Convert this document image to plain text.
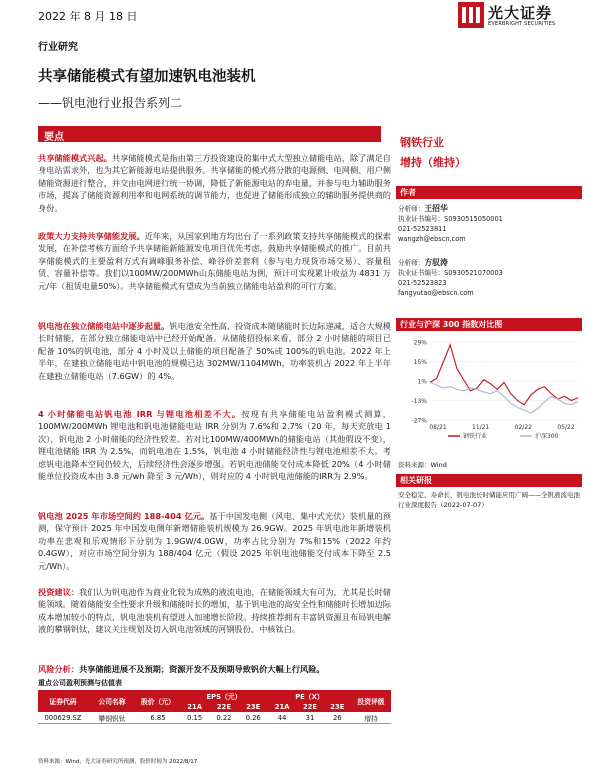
2022 年 8 月 18 日	光大证券
EVERBRIGHT SECURITIES
行业研究
共享储能模式有望加速钒电池装机
——钒电池行业报告系列二
要点
共享储能模式兴起。共享储能模式是指由第三方投资建设的集中式大型独立储能电站，除了满足自身电站需求外，也为其它新能源电站提供服务。共享储能的模式将分散的电源侧、电网侧、用户侧储能资源进行整合，并交由电网进行统一协调，降低了新能源电站的弃电量，并参与电力辅助服务市场，提高了储能资源利用率和电网系统的调节能力，也促进了储能形成独立的辅助服务提供商的身份。
政策大力支持共享储能发展。近年来，从国家到地方均出台了一系列政策支持共享储能模式的探索发展，在补偿考核方面给予共享储能新能源发电项目优先考虑，鼓励共享储能模式的推广。目前共享储能模式的主要盈利方式有调峰服务补偿、峰谷价差套利（参与电力现货市场交易）、容量租赁、容量补偿等。我们以100MW/200MWh山东储能电站为例，预计可实现累计收益为 4831 万元/年（租赁电量50%）。共享储能模式有望成为当前独立储能电站盈利的可行方案。
钒电池在独立储能电站中逐步起量。钒电池安全性高、投资成本随储能时长边际递减，适合大规模长时储能，在部分独立储能电站中已经开始配备。从储能招投标来看，部分 2 小时储能的项目已配备 10%的钒电池，部分 4 小时及以上储能的项目配备了 50%或 100%的钒电池。2022 年上半年，在建独立储能电站中钒电池的规模已达 302MW/1104MWh，功率装机占 2022 年上半年在建独立储能电站（7.6GW）的 4%。
4 小时储能电站钒电池 IRR 与锂电池相差不大。按现有共享储能电站盈利模式测算，100MW/200MWh 锂电池和钒电池储能电站 IRR 分别为 7.6%和 2.7%（20 年，每天充放电 1 次），钒电池 2 小时储能的经济性较差。若对比100MW/400MWh的储能电站（其他假设不变），锂电池储能 IRR 为 2.5%，而钒电池在 1.5%，钒电池 4 小时储能经济性与锂电池相差不大。考虑钒电池降本空间仍较大，后续经济性会逐步增强。若钒电池储能交付成本降低 20%（4 小时储能单位投资成本由 3.8 元/wh 降至 3 元/Wh），则对应的 4 小时钒电池储能的IRR为 2.9%。
钒电池 2025 年市场空间约 188-404 亿元。基于中国发电侧（风电、集中式光伏）装机量的预测，保守预计 2025 年中国发电侧年新增储能装机规模为 26.9GW。2025 年钒电池年新增装机功率在悲观和乐观情形下分别为 1.9GW/4.0GW，功率占比分别为 7%和15%（2022 年约 0.4GW），对应市场空间分别为 188/404 亿元（假设 2025 年钒电池储能交付成本下降至 2.5 元/Wh）。
投资建议：我们认为钒电池作为商业化较为成熟的液流电池，在储能领域大有可为，尤其是长时储能领域。随着储能安全性要求升级和储能时长的增加，基于钒电池的高安全性和储能时长增加边际成本增加较小的特点，钒电池装机有望进入加速增长阶段。持续推荐拥有丰富钒资源且布局钒电解液的攀钢钒钛，建议关注规划及切入钒电池领域的河钢股份、中核钛白。
风险分析：共享储能进展不及预期；资源开发不及预期导致钒价大幅上行风险。
重点公司盈利预测与估值表
证券代码	公司名称	股价（元）	EPS（元）			PE（X）			投资评级
			21A	22E	23E	21A	22E	23E	
000629.SZ	攀钢钒钛	6.85	0.15	0.22	0.26	44	31	26	增持
资料来源：Wind，光大证券研究所预测，股价时间为 2022/8/17
钢铁行业
增持（维持）
作者
分析师：王招华
执业证书编号：S0930515050001
021-52523811
wangzh@ebscn.com
分析师：方驭涛
执业证书编号：S0930521070003
021-52523823
fangyutao@ebscn.com
行业与沪深 300 指数对比图
29%
15%
1%
-13%
-27%
08/21	11/21	02/22	05/22
钢铁行业	沪深300
资料来源：Wind
相关研报
安全稳定、寿命长，钒电池长时储能应用广阔——全钒液流电池行业深度报告（2022-07-07）
